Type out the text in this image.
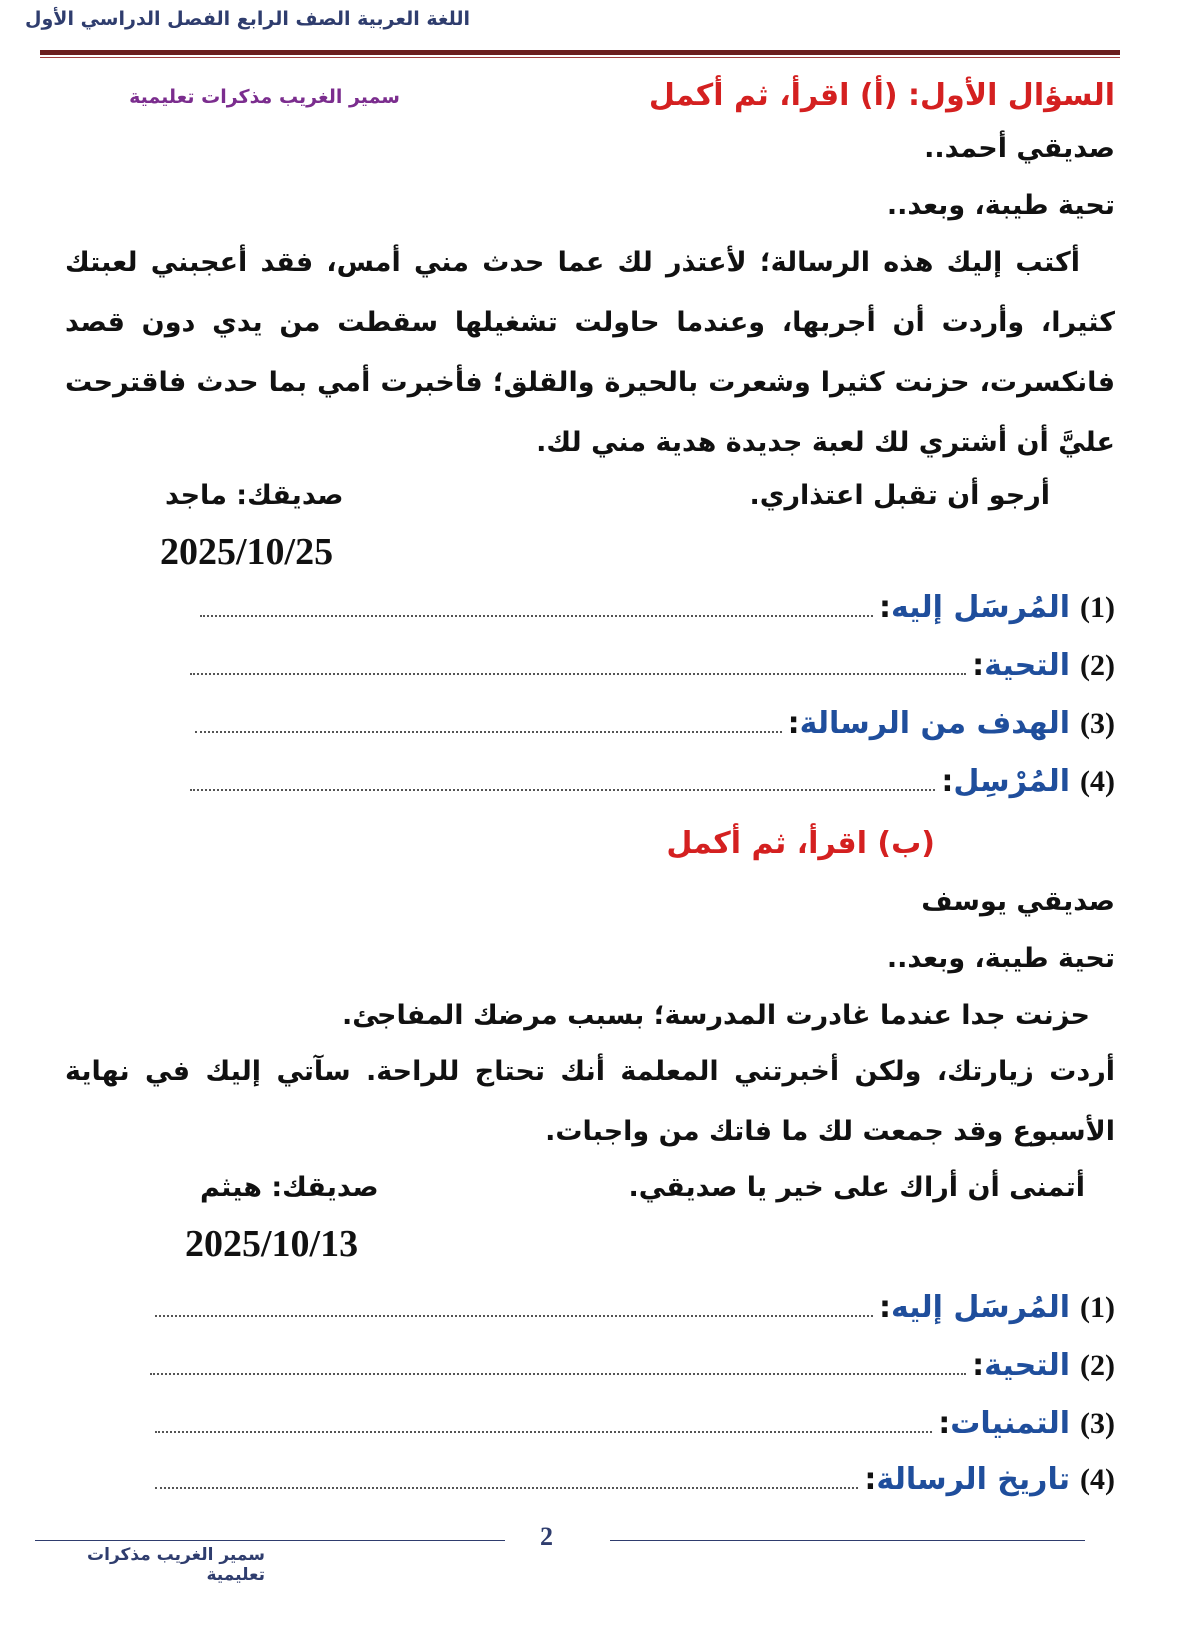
اللغة العربية الصف الرابع الفصل الدراسي الأول
سمير الغريب مذكرات تعليمية	السؤال الأول: (أ) اقرأ، ثم أكمل
صديقي أحمد..
تحية طيبة، وبعد..
أكتب إليك هذه الرسالة؛ لأعتذر لك عما حدث مني أمس، فقد أعجبني لعبتك كثيرا، وأردت أن أجربها، وعندما حاولت تشغيلها سقطت من يدي دون قصد فانكسرت، حزنت كثيرا وشعرت بالحيرة والقلق؛ فأخبرت أمي بما حدث فاقترحت عليَّ أن أشتري لك لعبة جديدة هدية مني لك.
أرجو أن تقبل اعتذاري.
صديقك: ماجد
2025/10/25
(1)
المُرسَل إليه
:
(2)
التحية
:
(3)
الهدف من الرسالة
:
(4)
المُرْسِل
:
(ب) اقرأ، ثم أكمل
صديقي يوسف
تحية طيبة، وبعد..
حزنت جدا عندما غادرت المدرسة؛ بسبب مرضك المفاجئ.
أردت زيارتك، ولكن أخبرتني المعلمة أنك تحتاج للراحة. سآتي إليك في نهاية الأسبوع وقد جمعت لك ما فاتك من واجبات.
أتمنى أن أراك على خير يا صديقي.
صديقك: هيثم
2025/10/13
(1)
المُرسَل إليه
:
(2)
التحية
:
(3)
التمنيات
:
(4)
تاريخ الرسالة
:
2
سمير الغريب مذكرات تعليمية
